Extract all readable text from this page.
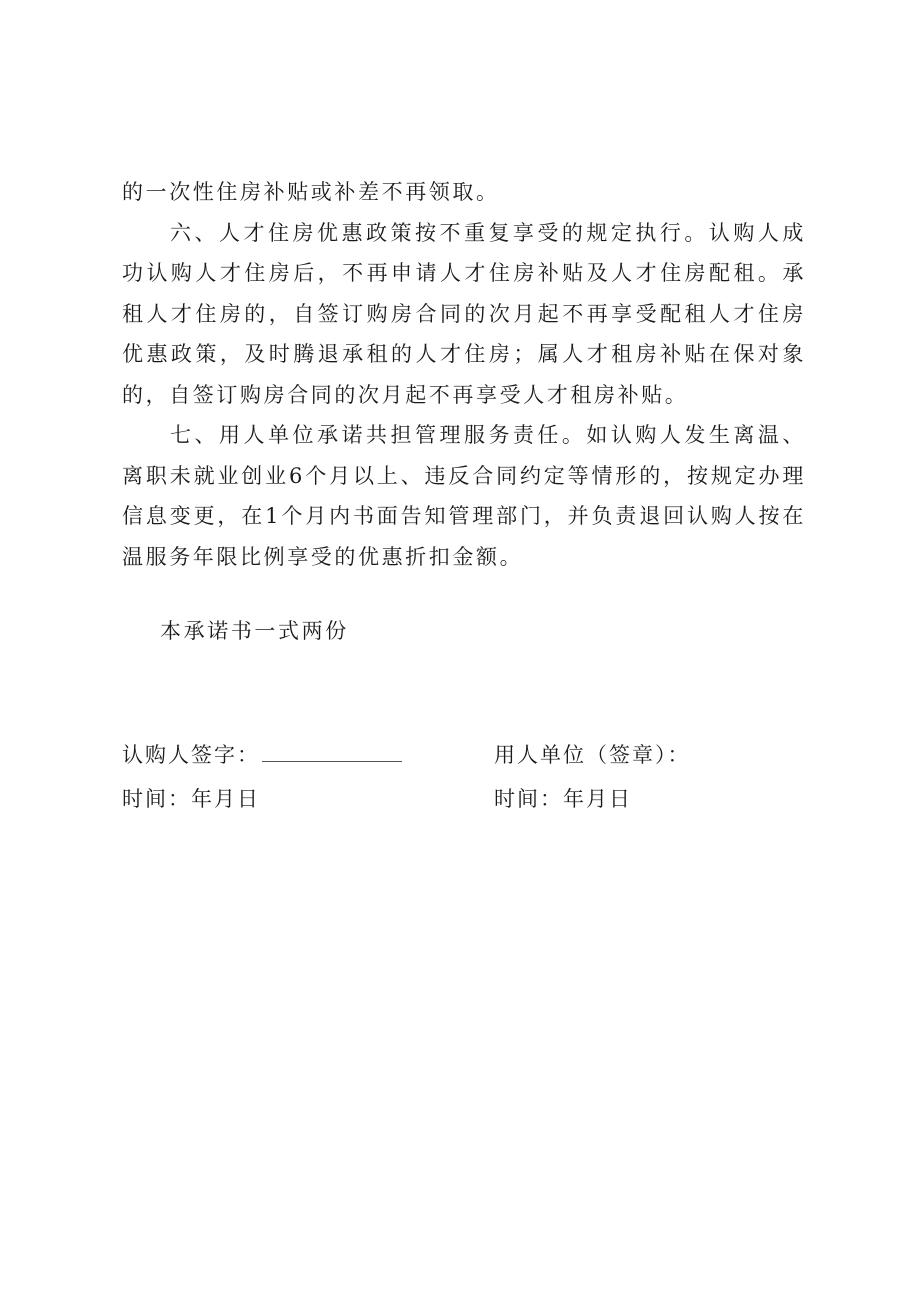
的一次性住房补贴或补差不再领取。

六、人才住房优惠政策按不重复享受的规定执行。认购人成功认购人才住房后，不再申请人才住房补贴及人才住房配租。承租人才住房的，自签订购房合同的次月起不再享受配租人才住房优惠政策，及时腾退承租的人才住房；属人才租房补贴在保对象的，自签订购房合同的次月起不再享受人才租房补贴。

七、用人单位承诺共担管理服务责任。如认购人发生离温、离职未就业创业6个月以上、违反合同约定等情形的，按规定办理信息变更，在1个月内书面告知管理部门，并负责退回认购人按在温服务年限比例享受的优惠折扣金额。

本承诺书一式两份

认购人签字：
时间：年月日
用人单位（签章）：
时间：年月日
